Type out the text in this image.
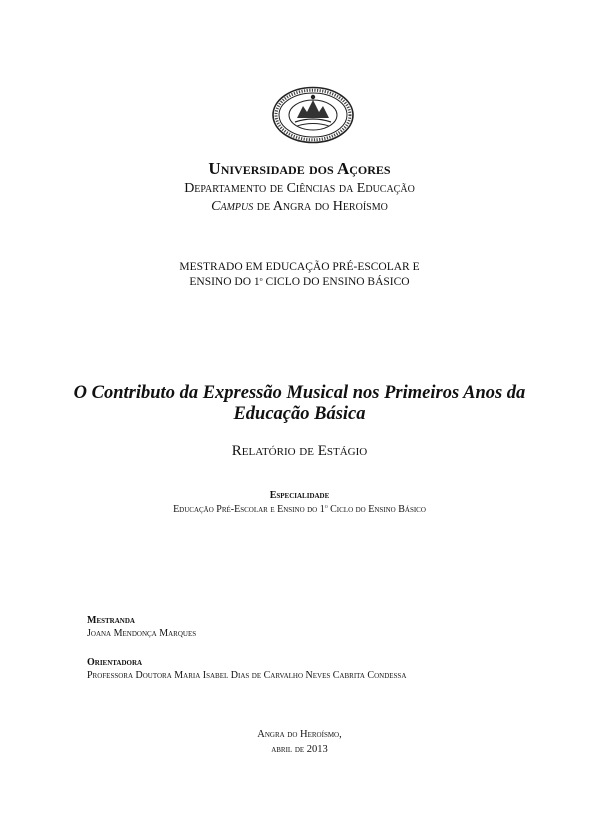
Universidade dos Açores
Departamento de Ciências da Educação
Campus de Angra do Heroísmo
MESTRADO EM EDUCAÇÃO PRÉ-ESCOLAR E
ENSINO DO 1$^o$ CICLO DO ENSINO BÁSICO
O Contributo da Expressão Musical nos Primeiros Anos da Educação Básica
Relatório de Estágio
Especialidade
Educação Pré-Escolar e Ensino do 1$^o$ Ciclo do Ensino Básico
Mestranda
Joana Mendonça Marques
Orientadora
Professora Doutora Maria Isabel Dias de Carvalho Neves Cabrita Condessa
Angra do Heroísmo,
abril de 2013
